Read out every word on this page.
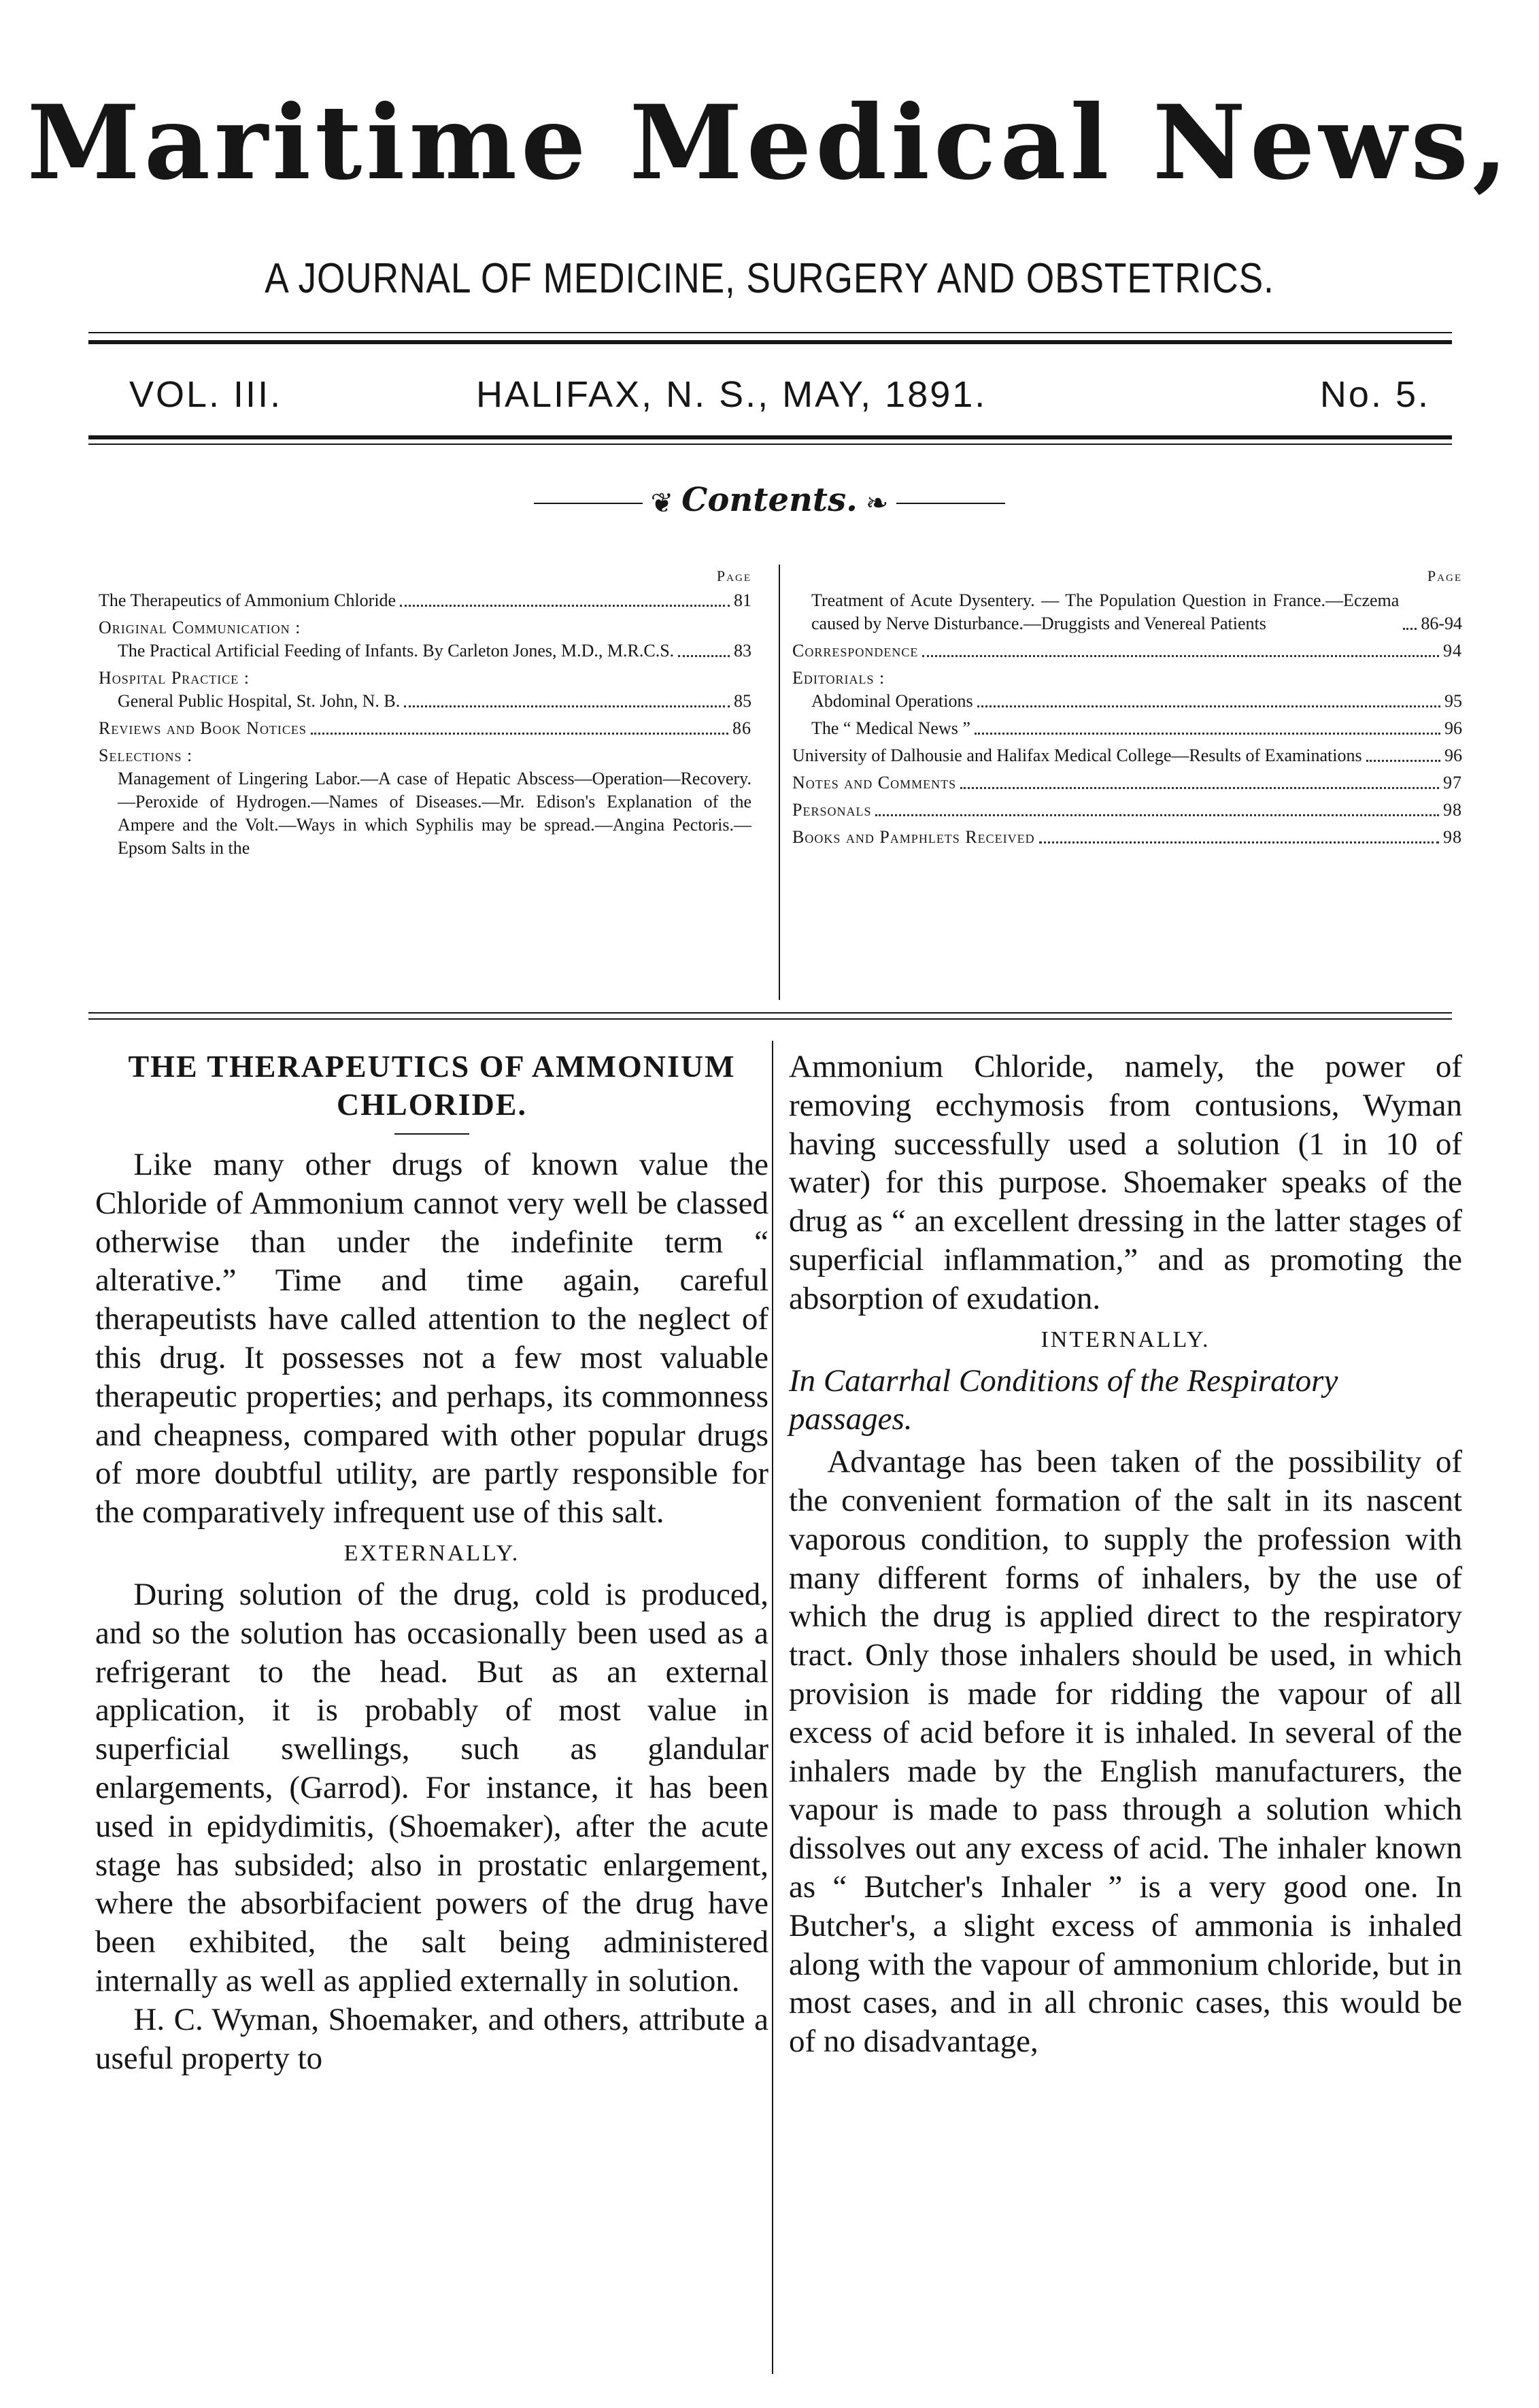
Maritime Medical News,
A JOURNAL OF MEDICINE, SURGERY AND OBSTETRICS.
VOL. III.	HALIFAX, N. S., MAY, 1891.	No. 5.
❦ Contents. ❧
Page
The Therapeutics of Ammonium Chloride	81
Original Communication :
The Practical Artificial Feeding of Infants. By Carleton Jones, M.D., M.R.C.S.	83
Hospital Practice :
General Public Hospital, St. John, N. B.	85
Reviews and Book Notices	86
Selections :
Management of Lingering Labor.—A case of Hepatic Abscess—Operation—Recovery.—Peroxide of Hydrogen.—Names of Diseases.—Mr. Edison's Explanation of the Ampere and the Volt.—Ways in which Syphilis may be spread.—Angina Pectoris.—Epsom Salts in the
Page
Treatment of Acute Dysentery. — The Population Question in France.—Eczema caused by Nerve Disturbance.—Druggists and Venereal Patients	86-94
Correspondence	94
Editorials :
Abdominal Operations	95
The “ Medical News ”	96
University of Dalhousie and Halifax Medical College—Results of Examinations	96
Notes and Comments	97
Personals	98
Books and Pamphlets Received	98
THE THERAPEUTICS OF AMMONIUM CHLORIDE.

Like many other drugs of known value the Chloride of Ammonium cannot very well be classed otherwise than under the indefinite term “ alterative.” Time and time again, careful therapeutists have called attention to the neglect of this drug. It possesses not a few most valuable therapeutic properties; and perhaps, its commonness and cheapness, compared with other popular drugs of more doubtful utility, are partly responsible for the comparatively infrequent use of this salt.

EXTERNALLY.

During solution of the drug, cold is produced, and so the solution has occasionally been used as a refrigerant to the head. But as an external application, it is probably of most value in superficial swellings, such as glandular enlargements, (Garrod). For instance, it has been used in epidydimitis, (Shoemaker), after the acute stage has subsided; also in prostatic enlargement, where the absorbifacient powers of the drug have been exhibited, the salt being administered internally as well as applied externally in solution.

H. C. Wyman, Shoemaker, and others, attribute a useful property to

Ammonium Chloride, namely, the power of removing ecchymosis from contusions, Wyman having successfully used a solution (1 in 10 of water) for this purpose. Shoemaker speaks of the drug as “ an excellent dressing in the latter stages of superficial inflammation,” and as promoting the absorption of exudation.

INTERNALLY.

In Catarrhal Conditions of the Respiratory passages.

Advantage has been taken of the possibility of the convenient formation of the salt in its nascent vaporous condition, to supply the profession with many different forms of inhalers, by the use of which the drug is applied direct to the respiratory tract. Only those inhalers should be used, in which provision is made for ridding the vapour of all excess of acid before it is inhaled. In several of the inhalers made by the English manufacturers, the vapour is made to pass through a solution which dissolves out any excess of acid. The inhaler known as “ Butcher's Inhaler ” is a very good one. In Butcher's, a slight excess of ammonia is inhaled along with the vapour of ammonium chloride, but in most cases, and in all chronic cases, this would be of no disadvantage,
